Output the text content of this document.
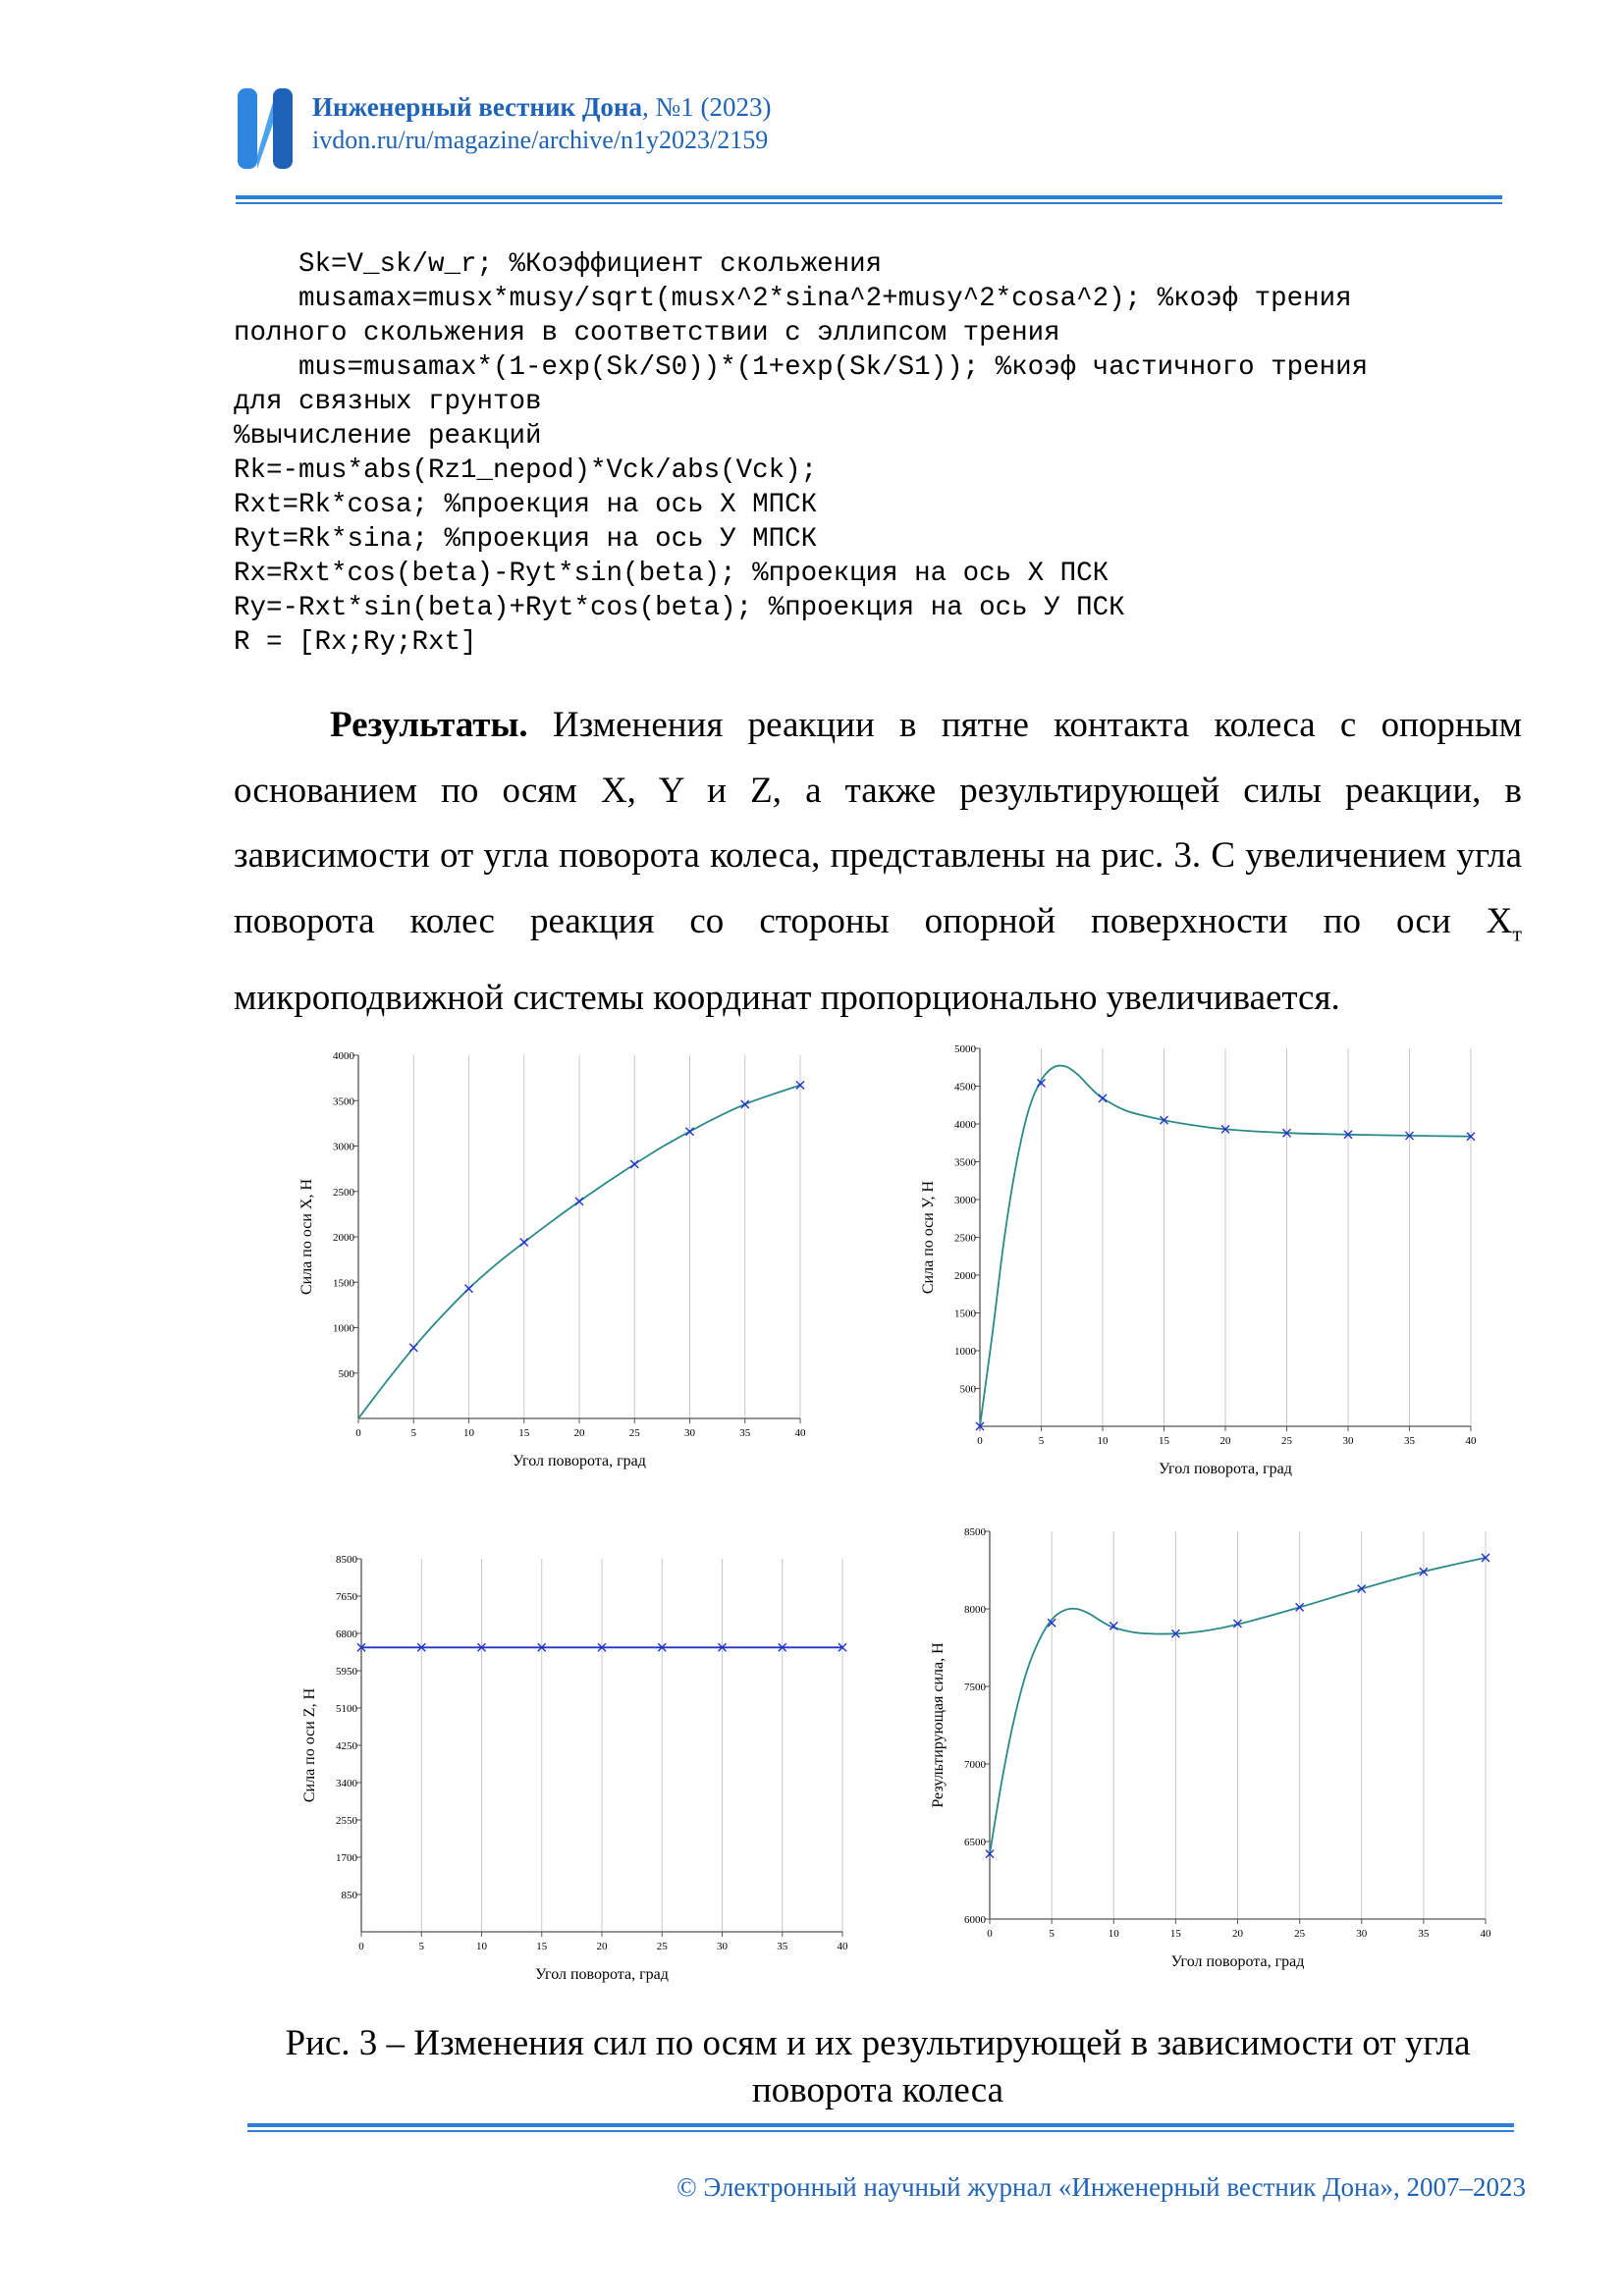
Инженерный вестник Дона, №1 (2023)
ivdon.ru/ru/magazine/archive/n1y2023/2159
Sk=V_sk/w_r; %Коэффициент скольжения
musamax=musx*musy/sqrt(musx^2*sina^2+musy^2*cosa^2); %коэф трения
полного скольжения в соответствии с эллипсом трения
mus=musamax*(1-exp(Sk/S0))*(1+exp(Sk/S1)); %коэф частичного трения
для связных грунтов
%вычисление реакций
Rk=-mus*abs(Rz1_nepod)*Vck/abs(Vck);
Rxt=Rk*cosa; %проекция на ось X МПСК
Ryt=Rk*sina; %проекция на ось У МПСК
Rx=Rxt*cos(beta)-Ryt*sin(beta); %проекция на ось X ПСК
Ry=-Rxt*sin(beta)+Ryt*cos(beta); %проекция на ось У ПСК
R = [Rx;Ry;Rxt]

Результаты. Изменения реакции в пятне контакта колеса с опорным основанием по осям X, Y и Z, а также результирующей силы реакции, в зависимости от угла поворота колеса, представлены на рис. 3. С увеличением угла поворота колес реакция со стороны опорной поверхности по оси $X_т$ микроподвижной системы координат пропорционально увеличивается.

0	5	10	15	20	25	30	35	40
500
1000
1500
2000
2500
3000
3500
4000
Угол поворота, град
Сила по оси X, Н
0	5	10	15	20	25	30	35	40
500
1000
1500
2000
2500
3000
3500
4000
4500
5000
Угол поворота, град
Сила по оси У, Н
0	5	10	15	20	25	30	35	40
850
1700
2550
3400
4250
5100
5950
6800
7650
8500
Угол поворота, град
Сила по оси Z, Н
0	5	10	15	20	25	30	35	40
6000
6500
7000
7500
8000
8500
Угол поворота, град
Результирующая сила, Н
Рис. 3 – Изменения сил по осям и их результирующей в зависимости от угла поворота колеса
© Электронный научный журнал «Инженерный вестник Дона», 2007–2023
